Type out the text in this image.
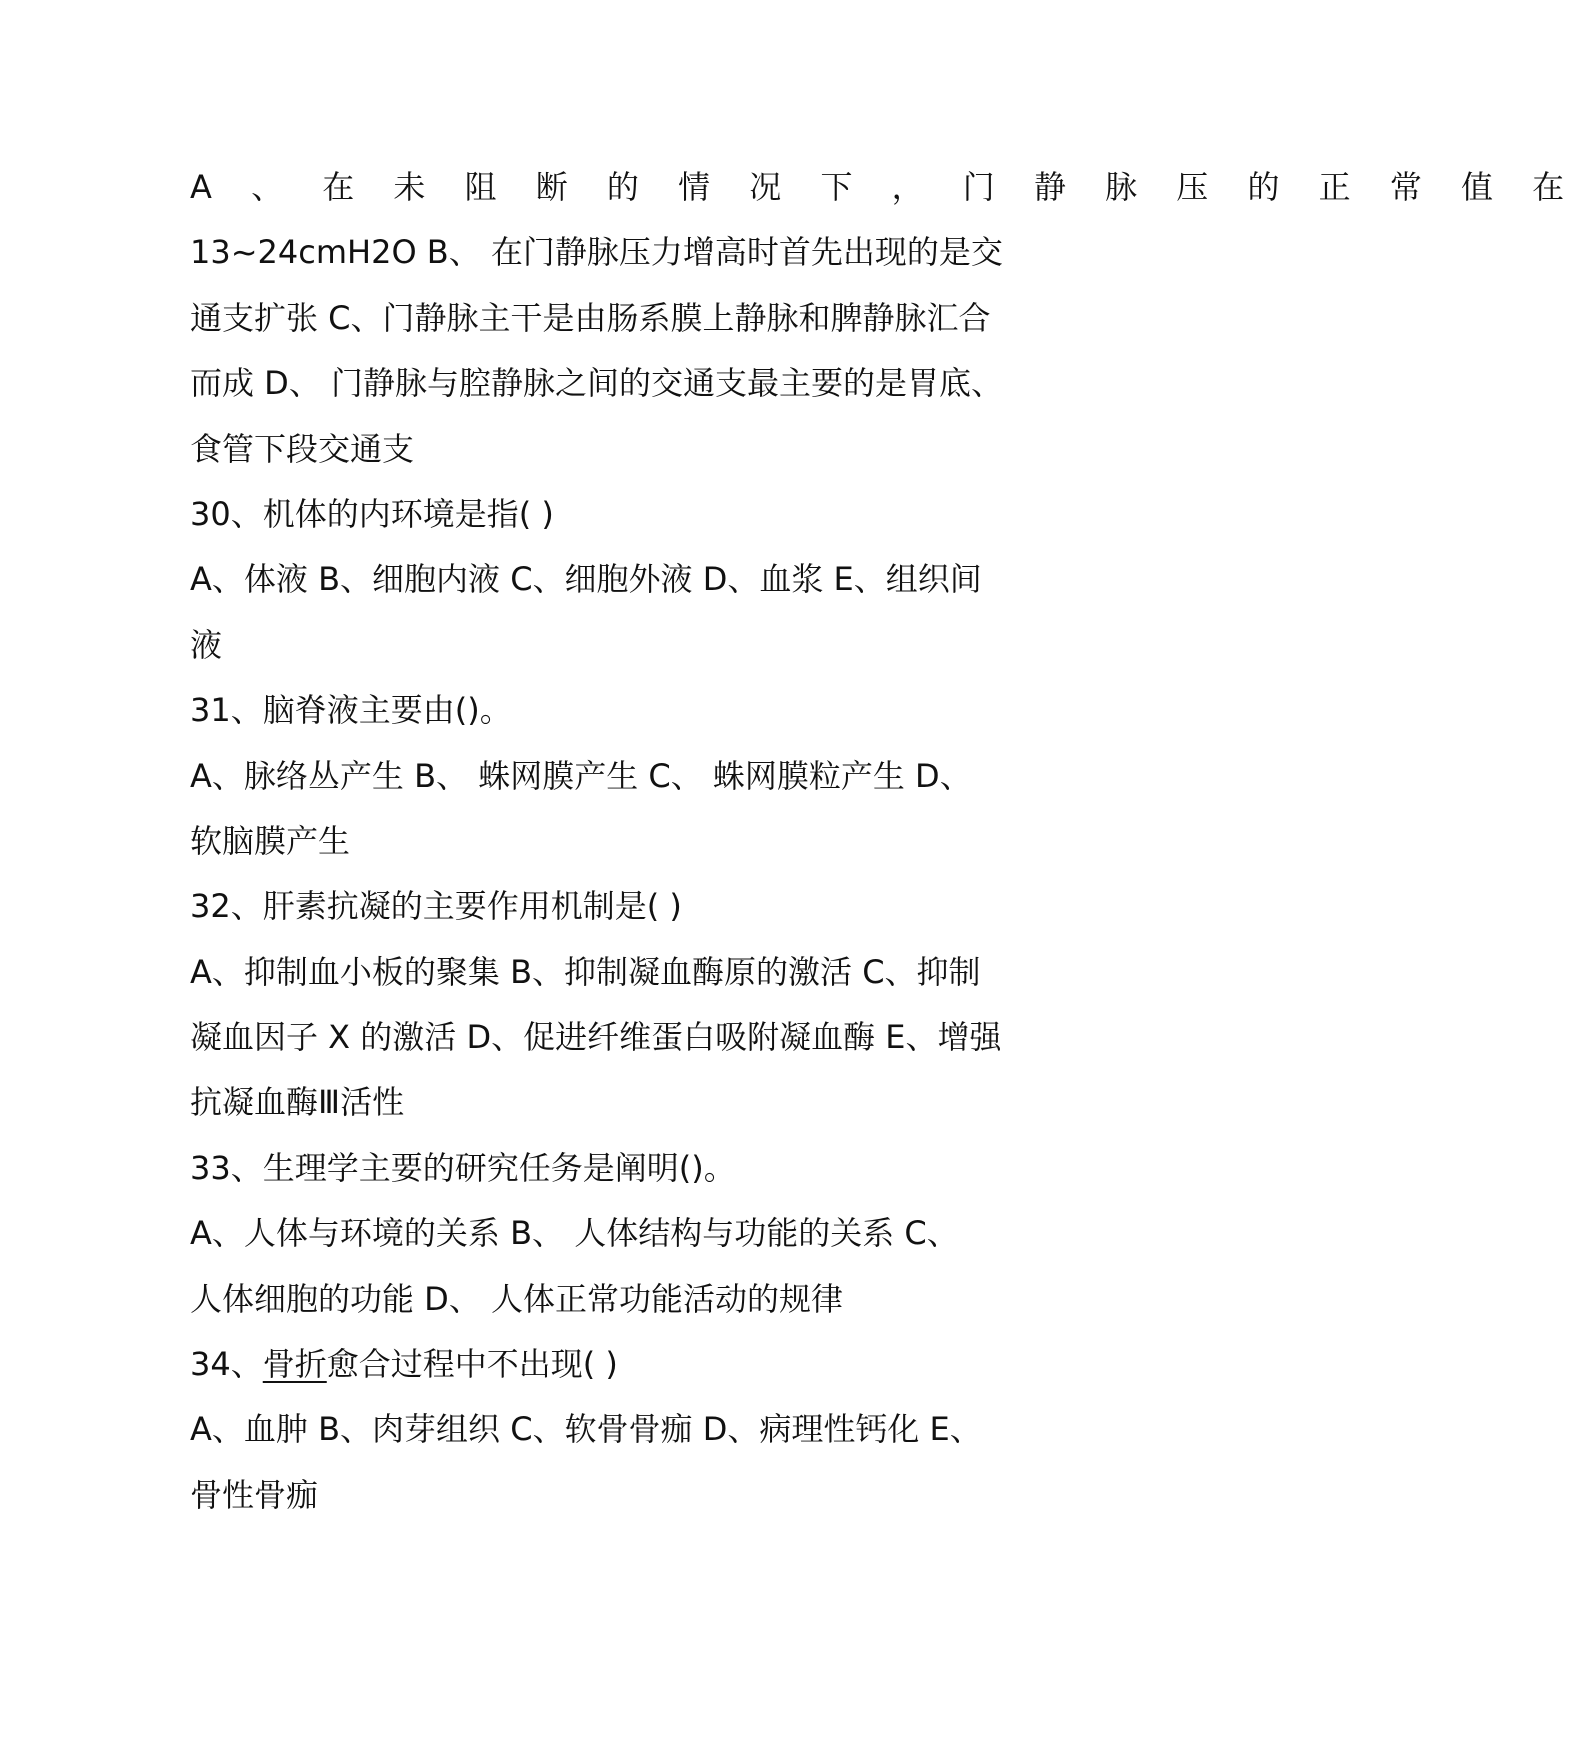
A 、 在 未 阻 断 的 情 况 下 ， 门 静 脉 压 的 正 常 值 在
13~24cmH2O B、 在门静脉压力增高时首先出现的是交
通支扩张 C、门静脉主干是由肠系膜上静脉和脾静脉汇合
而成 D、 门静脉与腔静脉之间的交通支最主要的是胃底、
食管下段交通支
30、机体的内环境是指( )
A、体液 B、细胞内液 C、细胞外液 D、血浆 E、组织间
液
31、脑脊液主要由()。
A、脉络丛产生 B、 蛛网膜产生 C、 蛛网膜粒产生 D、
软脑膜产生
32、肝素抗凝的主要作用机制是( )
A、抑制血小板的聚集 B、抑制凝血酶原的激活 C、抑制
凝血因子 X 的激活 D、促进纤维蛋白吸附凝血酶 E、增强
抗凝血酶Ⅲ活性
33、生理学主要的研究任务是阐明()。
A、人体与环境的关系 B、 人体结构与功能的关系 C、
人体细胞的功能 D、 人体正常功能活动的规律
34、骨折愈合过程中不出现( )
A、血肿 B、肉芽组织 C、软骨骨痂 D、病理性钙化 E、
骨性骨痂
